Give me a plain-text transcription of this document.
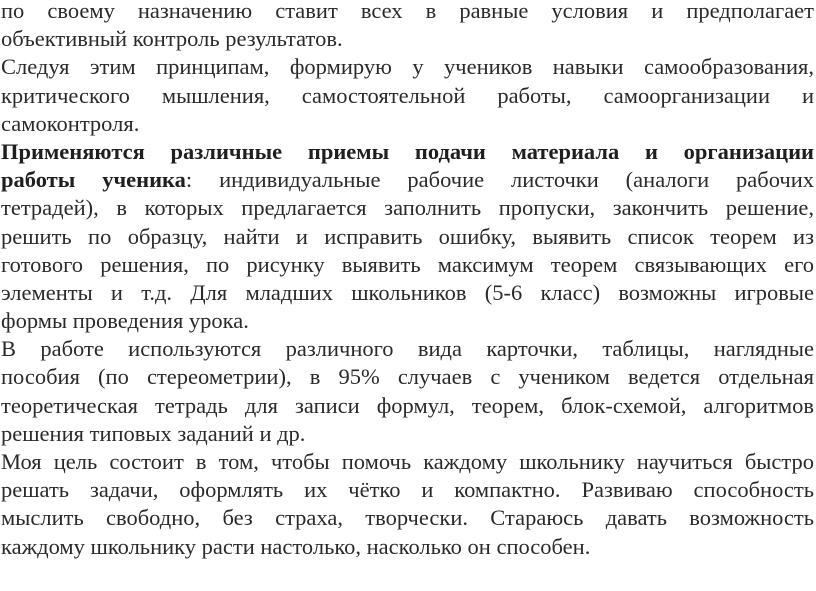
по своему назначению ставит всех в равные условия и предполагает
объективный контроль результатов.
Следуя этим принципам, формирую у учеников навыки самообразования,
критического мышления, самостоятельной работы, самоорганизации и
самоконтроля.
Применяются различные приемы подачи материала и организации
работы ученика: индивидуальные рабочие листочки (аналоги рабочих
тетрадей), в которых предлагается заполнить пропуски, закончить решение,
решить по образцу, найти и исправить ошибку, выявить список теорем из
готового решения, по рисунку выявить максимум теорем связывающих его
элементы и т.д. Для младших школьников (5-6 класс) возможны игровые
формы проведения урока.
В работе используются различного вида карточки, таблицы, наглядные
пособия (по стереометрии), в 95% случаев с учеником ведется отдельная
теоретическая тетрадь для записи формул, теорем, блок-схемой, алгоритмов
решения типовых заданий и др.
Моя цель состоит в том, чтобы помочь каждому школьнику научиться быстро
решать задачи, оформлять их чётко и компактно. Развиваю способность
мыслить свободно, без страха, творчески. Стараюсь давать возможность
каждому школьнику расти настолько, насколько он способен.
